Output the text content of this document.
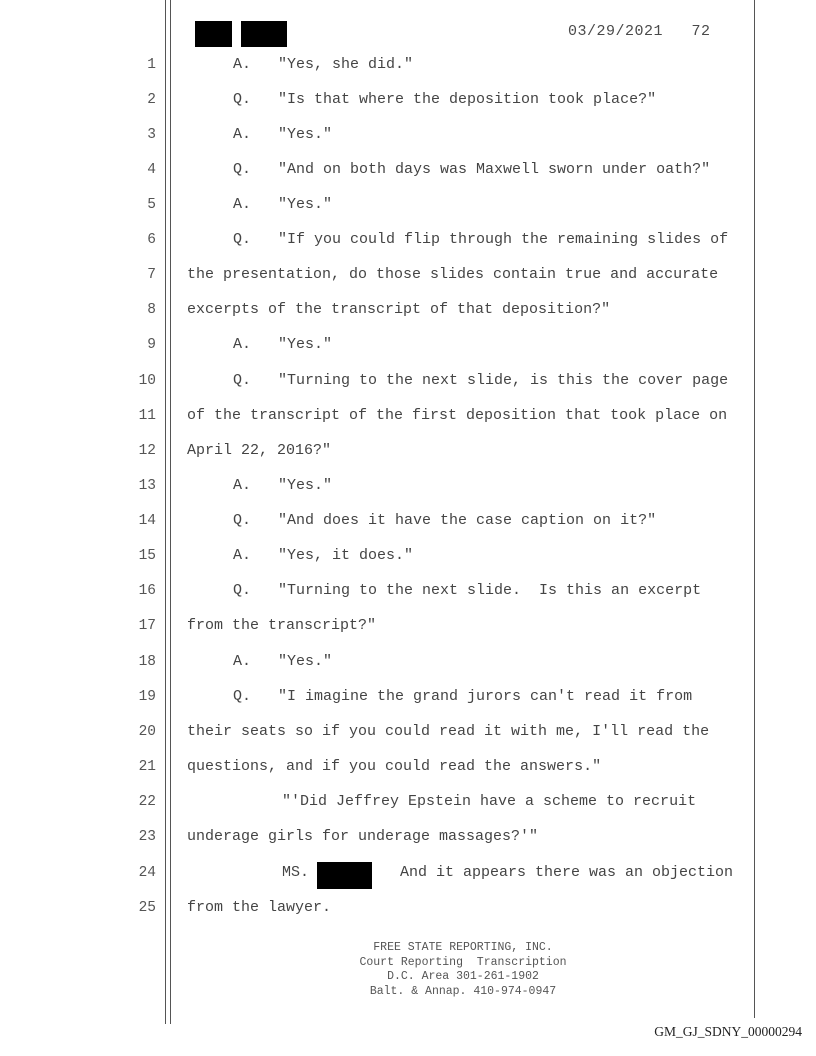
03/29/2021   72
1	A.   "Yes, she did."
2	Q.   "Is that where the deposition took place?"
3	A.   "Yes."
4	Q.   "And on both days was Maxwell sworn under oath?"
5	A.   "Yes."
6	Q.   "If you could flip through the remaining slides of
7 the presentation, do those slides contain true and accurate
8 excerpts of the transcript of that deposition?"
9	A.   "Yes."
10	Q.   "Turning to the next slide, is this the cover page
11 of the transcript of the first deposition that took place on
12 April 22, 2016?"
13	A.   "Yes."
14	Q.   "And does it have the case caption on it?"
15	A.   "Yes, it does."
16	Q.   "Turning to the next slide.  Is this an excerpt
17 from the transcript?"
18	A.   "Yes."
19	Q.   "I imagine the grand jurors can't read it from
20 their seats so if you could read it with me, I'll read the
21 questions, and if you could read the answers."
22	"'Did Jeffrey Epstein have a scheme to recruit
23 underage girls for underage massages?'"
24	MS.	And it appears there was an objection
25 from the lawyer.
FREE STATE REPORTING, INC.
Court Reporting  Transcription
D.C. Area 301-261-1902
Balt. & Annap. 410-974-0947
GM_GJ_SDNY_00000294
